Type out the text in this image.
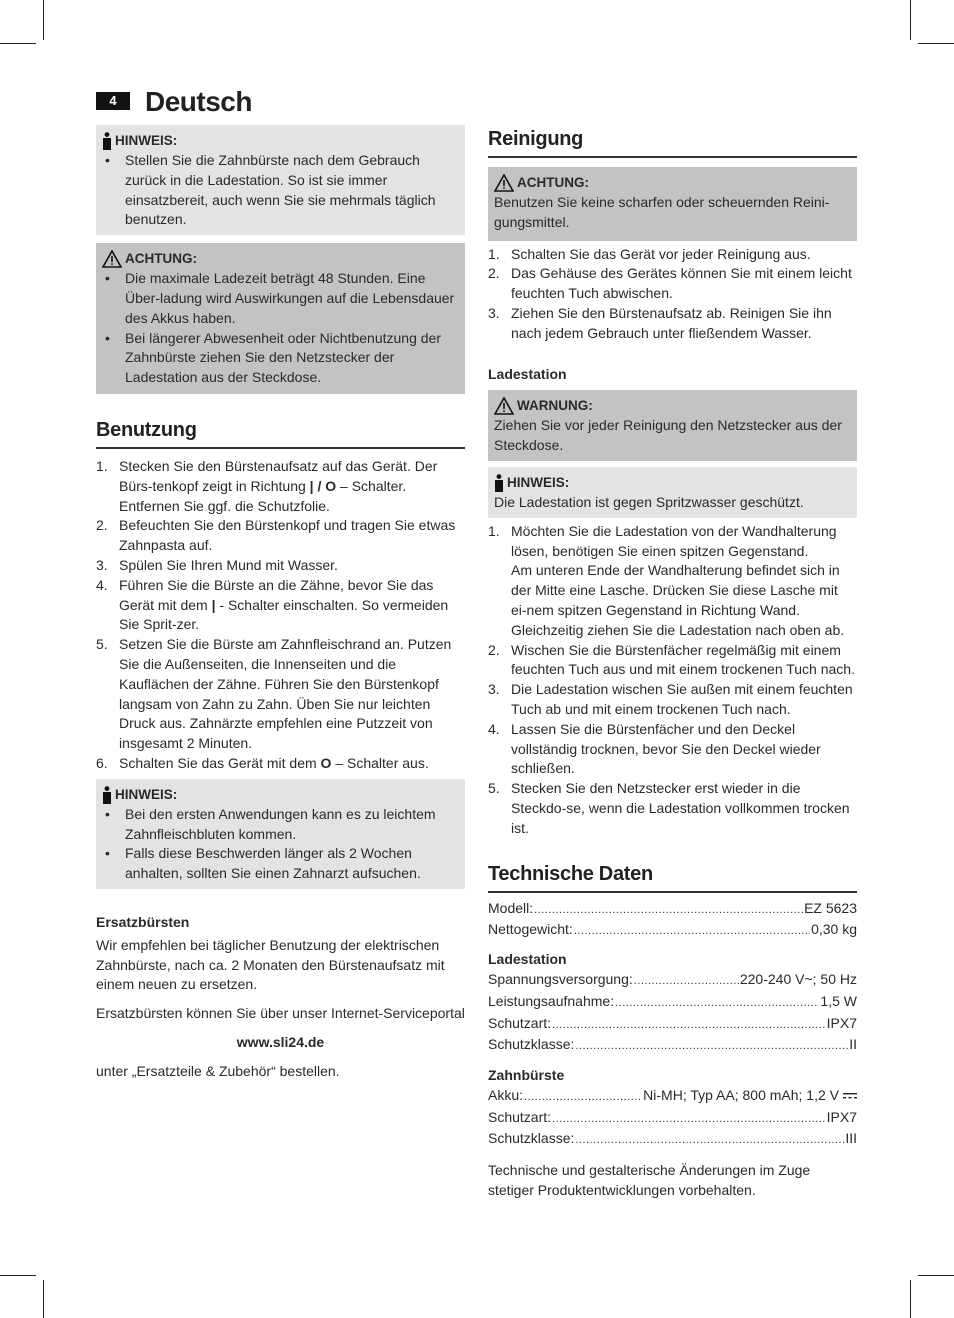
4	Deutsch
HINWEIS:
• Stellen Sie die Zahnbürste nach dem Gebrauch zurück in die Ladestation. So ist sie immer einsatzbereit, auch wenn Sie sie mehrmals täglich benutzen.
ACHTUNG:
• Die maximale Ladezeit beträgt 48 Stunden. Eine Über-ladung wird Auswirkungen auf die Lebensdauer des Akkus haben.
• Bei längerer Abwesenheit oder Nichtbenutzung der Zahnbürste ziehen Sie den Netzstecker der Ladestation aus der Steckdose.
Benutzung
1. Stecken Sie den Bürstenaufsatz auf das Gerät. Der Bürs-tenkopf zeigt in Richtung | / O – Schalter. Entfernen Sie ggf. die Schutzfolie.
2. Befeuchten Sie den Bürstenkopf und tragen Sie etwas Zahnpasta auf.
3. Spülen Sie Ihren Mund mit Wasser.
4. Führen Sie die Bürste an die Zähne, bevor Sie das Gerät mit dem | - Schalter einschalten. So vermeiden Sie Sprit-zer.
5. Setzen Sie die Bürste am Zahnfleischrand an. Putzen Sie die Außenseiten, die Innenseiten und die Kauflächen der Zähne. Führen Sie den Bürstenkopf langsam von Zahn zu Zahn. Üben Sie nur leichten Druck aus. Zahnärzte empfehlen eine Putzzeit von insgesamt 2 Minuten.
6. Schalten Sie das Gerät mit dem O – Schalter aus.
HINWEIS:
• Bei den ersten Anwendungen kann es zu leichtem Zahnfleischbluten kommen.
• Falls diese Beschwerden länger als 2 Wochen anhalten, sollten Sie einen Zahnarzt aufsuchen.
Ersatzbürsten

Wir empfehlen bei täglicher Benutzung der elektrischen Zahnbürste, nach ca. 2 Monaten den Bürstenaufsatz mit einem neuen zu ersetzen.

Ersatzbürsten können Sie über unser Internet-Serviceportal

www.sli24.de

unter „Ersatzteile & Zubehör“ bestellen.

Reinigung
ACHTUNG:

Benutzen Sie keine scharfen oder scheuernden Reini-gungsmittel.

1. Schalten Sie das Gerät vor jeder Reinigung aus.
2. Das Gehäuse des Gerätes können Sie mit einem leicht feuchten Tuch abwischen.
3. Ziehen Sie den Bürstenaufsatz ab. Reinigen Sie ihn nach jedem Gebrauch unter fließendem Wasser.
Ladestation
WARNUNG:

Ziehen Sie vor jeder Reinigung den Netzstecker aus der Steckdose.

HINWEIS:

Die Ladestation ist gegen Spritzwasser geschützt.

1. Möchten Sie die Ladestation von der Wandhalterung lösen, benötigen Sie einen spitzen Gegenstand.
Am unteren Ende der Wandhalterung befindet sich in der Mitte eine Lasche. Drücken Sie diese Lasche mit ei-nem spitzen Gegenstand in Richtung Wand. Gleichzeitig ziehen Sie die Ladestation nach oben ab.
2. Wischen Sie die Bürstenfächer regelmäßig mit einem feuchten Tuch aus und mit einem trockenen Tuch nach.
3. Die Ladestation wischen Sie außen mit einem feuchten Tuch ab und mit einem trockenen Tuch nach.
4. Lassen Sie die Bürstenfächer und den Deckel vollständig trocknen, bevor Sie den Deckel wieder schließen.
5. Stecken Sie den Netzstecker erst wieder in die Steckdo-se, wenn die Ladestation vollkommen trocken ist.
Technische Daten
Modell: .....	EZ 5623
Nettogewicht: .....	0,30 kg
Ladestation
Spannungsversorgung: .....	220-240 V~; 50 Hz
Leistungsaufnahme: .....	1,5 W
Schutzart: .....	IPX7
Schutzklasse: .....	II
Zahnbürste
Akku: .....	Ni-MH; Typ AA; 800 mAh; 1,2 V
Schutzart: .....	IPX7
Schutzklasse: .....	III

Technische und gestalterische Änderungen im Zuge stetiger Produktentwicklungen vorbehalten.
